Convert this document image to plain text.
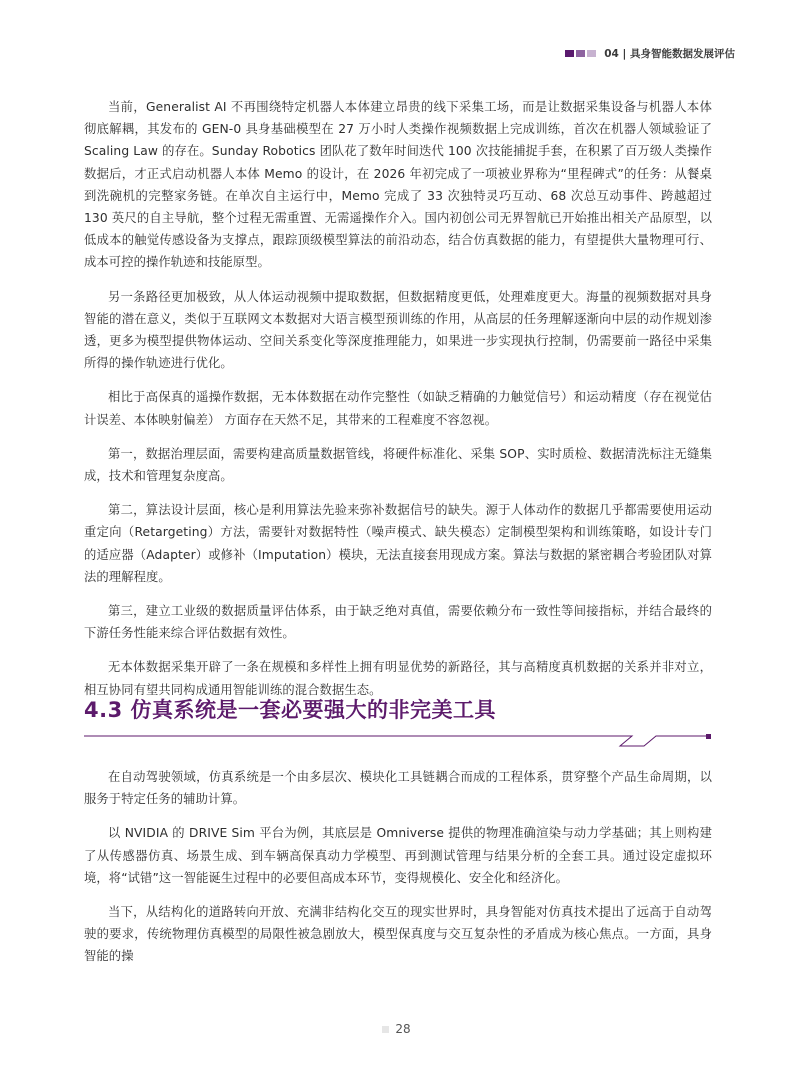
04 | 具身智能数据发展评估

当前，Generalist AI 不再围绕特定机器人本体建立昂贵的线下采集工场，而是让数据采集设备与机器人本体彻底解耦，其发布的 GEN-0 具身基础模型在 27 万小时人类操作视频数据上完成训练，首次在机器人领域验证了 Scaling Law 的存在。Sunday Robotics 团队花了数年时间迭代 100 次技能捕捉手套，在积累了百万级人类操作数据后，才正式启动机器人本体 Memo 的设计，在 2026 年初完成了一项被业界称为“里程碑式”的任务：从餐桌到洗碗机的完整家务链。在单次自主运行中，Memo 完成了 33 次独特灵巧互动、68 次总互动事件、跨越超过 130 英尺的自主导航，整个过程无需重置、无需遥操作介入。国内初创公司无界智航已开始推出相关产品原型，以低成本的触觉传感设备为支撑点，跟踪顶级模型算法的前沿动态，结合仿真数据的能力，有望提供大量物理可行、成本可控的操作轨迹和技能原型。

另一条路径更加极致，从人体运动视频中提取数据，但数据精度更低，处理难度更大。海量的视频数据对具身智能的潜在意义，类似于互联网文本数据对大语言模型预训练的作用，从高层的任务理解逐渐向中层的动作规划渗透，更多为模型提供物体运动、空间关系变化等深度推理能力，如果进一步实现执行控制，仍需要前一路径中采集所得的操作轨迹进行优化。

相比于高保真的遥操作数据，无本体数据在动作完整性（如缺乏精确的力触觉信号）和运动精度（存在视觉估计误差、本体映射偏差） 方面存在天然不足，其带来的工程难度不容忽视。

第一，数据治理层面，需要构建高质量数据管线，将硬件标准化、采集 SOP、实时质检、数据清洗标注无缝集成，技术和管理复杂度高。

第二，算法设计层面，核心是利用算法先验来弥补数据信号的缺失。源于人体动作的数据几乎都需要使用运动重定向（Retargeting）方法，需要针对数据特性（噪声模式、缺失模态）定制模型架构和训练策略，如设计专门的适应器（Adapter）或修补（Imputation）模块，无法直接套用现成方案。算法与数据的紧密耦合考验团队对算法的理解程度。

第三，建立工业级的数据质量评估体系，由于缺乏绝对真值，需要依赖分布一致性等间接指标，并结合最终的下游任务性能来综合评估数据有效性。

无本体数据采集开辟了一条在规模和多样性上拥有明显优势的新路径，其与高精度真机数据的关系并非对立，相互协同有望共同构成通用智能训练的混合数据生态。

4.3 仿真系统是一套必要强大的非完美工具

在自动驾驶领域，仿真系统是一个由多层次、模块化工具链耦合而成的工程体系，贯穿整个产品生命周期，以服务于特定任务的辅助计算。

以 NVIDIA 的 DRIVE Sim 平台为例，其底层是 Omniverse 提供的物理准确渲染与动力学基础；其上则构建了从传感器仿真、场景生成、到车辆高保真动力学模型、再到测试管理与结果分析的全套工具。通过设定虚拟环境，将“试错”这一智能诞生过程中的必要但高成本环节，变得规模化、安全化和经济化。

当下，从结构化的道路转向开放、充满非结构化交互的现实世界时，具身智能对仿真技术提出了远高于自动驾驶的要求，传统物理仿真模型的局限性被急剧放大，模型保真度与交互复杂性的矛盾成为核心焦点。一方面，具身智能的操

28
